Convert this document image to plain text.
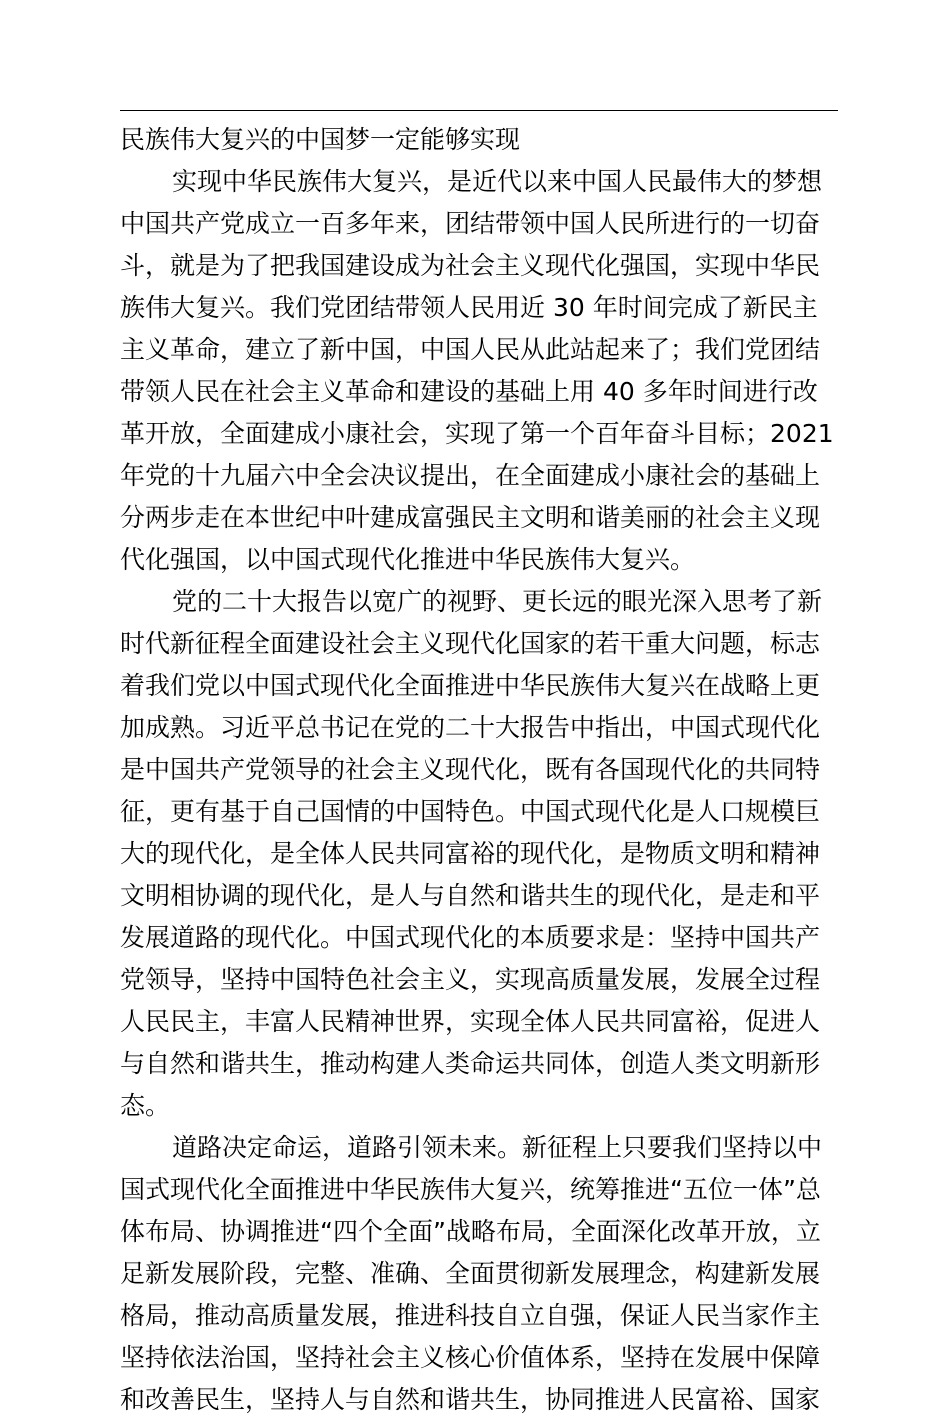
民族伟大复兴的中国梦一定能够实现
实现中华民族伟大复兴，是近代以来中国人民最伟大的梦想
中国共产党成立一百多年来，团结带领中国人民所进行的一切奋
斗，就是为了把我国建设成为社会主义现代化强国，实现中华民
族伟大复兴。我们党团结带领人民用近 30 年时间完成了新民主
主义革命，建立了新中国，中国人民从此站起来了；我们党团结
带领人民在社会主义革命和建设的基础上用 40 多年时间进行改
革开放，全面建成小康社会，实现了第一个百年奋斗目标；2021
年党的十九届六中全会决议提出，在全面建成小康社会的基础上
分两步走在本世纪中叶建成富强民主文明和谐美丽的社会主义现
代化强国，以中国式现代化推进中华民族伟大复兴。
党的二十大报告以宽广的视野、更长远的眼光深入思考了新
时代新征程全面建设社会主义现代化国家的若干重大问题，标志
着我们党以中国式现代化全面推进中华民族伟大复兴在战略上更
加成熟。习近平总书记在党的二十大报告中指出，中国式现代化
是中国共产党领导的社会主义现代化，既有各国现代化的共同特
征，更有基于自己国情的中国特色。中国式现代化是人口规模巨
大的现代化，是全体人民共同富裕的现代化，是物质文明和精神
文明相协调的现代化，是人与自然和谐共生的现代化，是走和平
发展道路的现代化。中国式现代化的本质要求是：坚持中国共产
党领导，坚持中国特色社会主义，实现高质量发展，发展全过程
人民民主，丰富人民精神世界，实现全体人民共同富裕，促进人
与自然和谐共生，推动构建人类命运共同体，创造人类文明新形
态。
道路决定命运，道路引领未来。新征程上只要我们坚持以中
国式现代化全面推进中华民族伟大复兴，统筹推进“五位一体”总
体布局、协调推进“四个全面”战略布局，全面深化改革开放，立
足新发展阶段，完整、准确、全面贯彻新发展理念，构建新发展
格局，推动高质量发展，推进科技自立自强，保证人民当家作主
坚持依法治国，坚持社会主义核心价值体系，坚持在发展中保障
和改善民生，坚持人与自然和谐共生，协同推进人民富裕、国家
